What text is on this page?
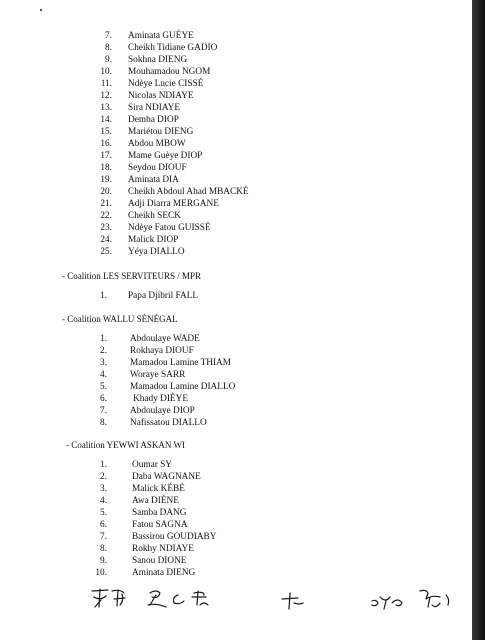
7. Aminata GUÈYE
8. Cheikh Tidiane GADIO
9. Sokhna DIENG
10. Mouhamadou NGOM
11. Ndèye Lucie CISSÉ
12. Nicolas NDIAYE
13. Sira NDIAYE
14. Demba DIOP
15. Mariétou DIENG
16. Abdou MBOW
17. Mame Guèye DIOP
18. Seydou DIOUF
19. Aminata DIA
20. Cheikh Abdoul Ahad MBACKÉ
21. Adji Diarra MERGANE
22. Cheikh SECK
23. Ndèye Fatou GUISSÉ
24. Malick DIOP
25. Yéya DIALLO
- Coalition LES SERVITEURS / MPR
1. Papa Djibril FALL
- Coalition WALLU SÉNÉGAL
1. Abdoulaye WADE
2. Rokhaya DIOUF
3. Mamadou Lamine THIAM
4. Woraye SARR
5. Mamadou Lamine DIALLO
6.	Khady DIÈYE
7. Abdoulaye DIOP
8. Nafissatou DIALLO
- Coalition YEWWI ASKAN WI
1.	Oumar SY
2.	Daba WAGNANE
3.	Malick KÉBÉ
4.	Awa DIÈNE
5.	Samba DANG
6.	Fatou SAGNA
7.	Bassirou GOUDIABY
8.	Rokhy NDIAYE
9.	Sanou DIONE
10.	Aminata DIENG
